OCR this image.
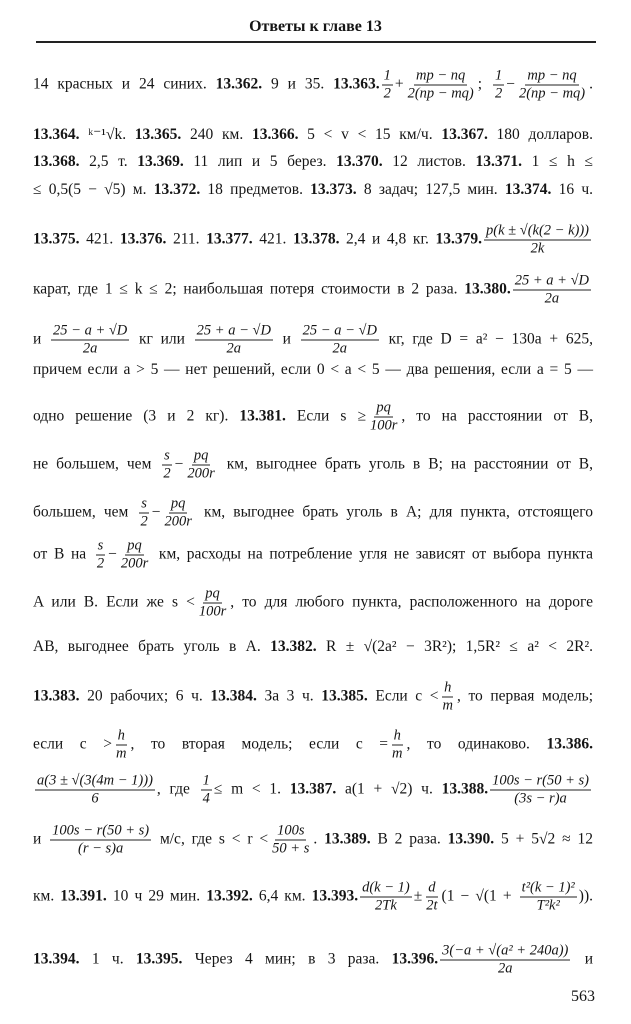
Ответы к главе 13
14 красных и 24 синих. 13.362. 9 и 35. 13.363. $\frac{1}{2} + \frac{mp - nq}{2(np - mq)}$ ; $\frac{1}{2} - \frac{mp - nq}{2(np - mq)}$ .
13.364. ᵏ⁻¹√k. 13.365. 240 км. 13.366. 5 < v < 15 км/ч. 13.367. 180 долларов.
13.368. 2,5 т. 13.369. 11 лип и 5 берез. 13.370. 12 листов. 13.371. 1 ≤ h ≤
≤ 0,5(5 − √5) м. 13.372. 18 предметов. 13.373. 8 задач; 127,5 мин. 13.374. 16 ч.
13.375. 421. 13.376. 211. 13.377. 421. 13.378. 2,4 и 4,8 кг. 13.379. $\frac{p(k \pm √(k(2 - k)))}{2k}$
карат, где 1 ≤ k ≤ 2; наибольшая потеря стоимости в 2 раза. 13.380. $\frac{25 + a + √D}{2a}$
и $\frac{25 - a + √D}{2a}$ кг или $\frac{25 + a - √D}{2a}$ и $\frac{25 - a - √D}{2a}$ кг, где D = a² − 130a + 625,
причем если a > 5 — нет решений, если 0 < a < 5 — два решения, если a = 5 —
одно решение (3 и 2 кг). 13.381. Если $s \ge \frac{pq}{100r}$ , то на расстоянии от B,
не большем, чем $\frac{s}{2} - \frac{pq}{200r}$ км, выгоднее брать уголь в B; на расстоянии от B,
большем, чем $\frac{s}{2} - \frac{pq}{200r}$ км, выгоднее брать уголь в A; для пункта, отстоящего
от B на $\frac{s}{2} - \frac{pq}{200r}$ км, расходы на потребление угля не зависят от выбора пункта
A или B. Если же $s < \frac{pq}{100r}$ , то для любого пункта, расположенного на дороге
AB, выгоднее брать уголь в A. 13.382. R ± √(2a² − 3R²); 1,5R² ≤ a² < 2R².
13.383. 20 рабочих; 6 ч. 13.384. За 3 ч. 13.385. Если $c < \frac{h}{m}$ , то первая модель;
если $c > \frac{h}{m}$ , то вторая модель; если $c = \frac{h}{m}$ , то одинаково. 13.386.
$\frac{a(3 \pm √(3(4m - 1)))}{6}$ , где $\frac{1}{4} \le m < 1$. 13.387. a(1 + √2) ч. 13.388. $\frac{100s - r(50 + s)}{(3s - r)a}$
и $\frac{100s - r(50 + s)}{(r - s)a} м/с$, где $s < r < \frac{100s}{50 + s}$ . 13.389. В 2 раза. 13.390. 5 + 5√2 ≈ 12
км. 13.391. 10 ч 29 мин. 13.392. 6,4 км. 13.393. $\frac{d(k - 1)}{2Tk} \pm \frac{d}{2t} (1 - √(1 + \frac{\text{t²(k − 1)²}}{\text{T²k²}}$ )).
13.394. 1 ч. 13.395. Через 4 мин; в 3 раза. 13.396. $\frac{\text{3(−a + √(a² + 240a))}}{2a}$ и
563
